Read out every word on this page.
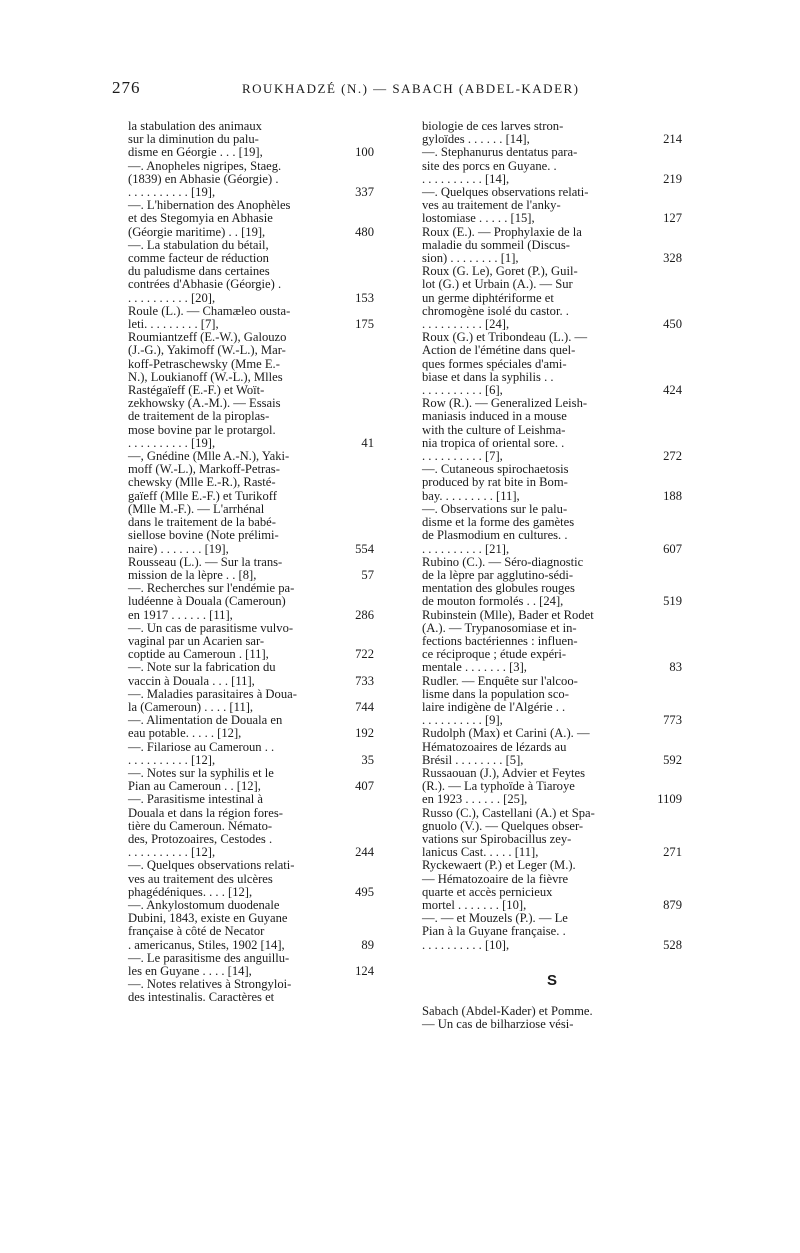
276	ROUKHADZÉ (N.) — SABACH (ABDEL-KADER)
la stabulation des animaux
sur la diminution du palu-
disme en Géorgie . . . [19],	100
—. Anopheles nigripes, Staeg.
(1839) en Abhasie (Géorgie) .
. . . . . . . . . . [19],	337
—. L'hibernation des Anophèles
et des Stegomyia en Abhasie
(Géorgie maritime) . . [19],	480
—. La stabulation du bétail,
comme facteur de réduction
du paludisme dans certaines
contrées d'Abhasie (Géorgie) .
. . . . . . . . . . [20],	153
Roule (L.). — Chamæleo ousta-
leti. . . . . . . . . [7],	175
Roumiantzeff (E.-W.), Galouzo
(J.-G.), Yakimoff (W.-L.), Mar-
koff-Petraschewsky (Mme E.-
N.), Loukianoff (W.-L.), Mlles
Rastégaïeff (E.-F.) et Woït-
zekhowsky (A.-M.). — Essais
de traitement de la piroplas-
mose bovine par le protargol.
. . . . . . . . . . [19],	41
—, Gnédine (Mlle A.-N.), Yaki-
moff (W.-L.), Markoff-Petras-
chewsky (Mlle E.-R.), Rasté-
gaïeff (Mlle E.-F.) et Turikoff
(Mlle M.-F.). — L'arrhénal
dans le traitement de la babé-
siellose bovine (Note prélimi-
naire) . . . . . . . [19],	554
Rousseau (L.). — Sur la trans-
mission de la lèpre . . [8],	57
—. Recherches sur l'endémie pa-
ludéenne à Douala (Cameroun)
en 1917 . . . . . . [11],	286
—. Un cas de parasitisme vulvo-
vaginal par un Acarien sar-
coptide au Cameroun . [11],	722
—. Note sur la fabrication du
vaccin à Douala . . . [11],	733
—. Maladies parasitaires à Doua-
la (Cameroun) . . . . [11],	744
—. Alimentation de Douala en
eau potable. . . . . [12],	192
—. Filariose au Cameroun . .
. . . . . . . . . . [12],	35
—. Notes sur la syphilis et le
Pian au Cameroun . . [12],	407
—. Parasitisme intestinal à
Douala et dans la région fores-
tière du Cameroun. Némato-
des, Protozoaires, Cestodes .
. . . . . . . . . . [12],	244
—. Quelques observations relati-
ves au traitement des ulcères
phagédéniques. . . . [12],	495
—. Ankylostomum duodenale
Dubini, 1843, existe en Guyane
française à côté de Necator
. americanus, Stiles, 1902 [14],	89
—. Le parasitisme des anguillu-
les en Guyane . . . . [14],	124
—. Notes relatives à Strongyloi-
des intestinalis. Caractères et
biologie de ces larves stron-
gyloïdes . . . . . . [14],	214
—. Stephanurus dentatus para-
site des porcs en Guyane. .
. . . . . . . . . . [14],	219
—. Quelques observations relati-
ves au traitement de l'anky-
lostomiase . . . . . [15],	127
Roux (E.). — Prophylaxie de la
maladie du sommeil (Discus-
sion) . . . . . . . . [1],	328
Roux (G. Le), Goret (P.), Guil-
lot (G.) et Urbain (A.). — Sur
un germe diphtériforme et
chromogène isolé du castor. .
. . . . . . . . . . [24],	450
Roux (G.) et Tribondeau (L.). —
Action de l'émétine dans quel-
ques formes spéciales d'ami-
biase et dans la syphilis . .
. . . . . . . . . . [6],	424
Row (R.). — Generalized Leish-
maniasis induced in a mouse
with the culture of Leishma-
nia tropica of oriental sore. .
. . . . . . . . . . [7],	272
—. Cutaneous spirochaetosis
produced by rat bite in Bom-
bay. . . . . . . . . [11],	188
—. Observations sur le palu-
disme et la forme des gamètes
de Plasmodium en cultures. .
. . . . . . . . . . [21],	607
Rubino (C.). — Séro-diagnostic
de la lèpre par agglutino-sédi-
mentation des globules rouges
de mouton formolés . . [24],	519
Rubinstein (Mlle), Bader et Rodet
(A.). — Trypanosomiase et in-
fections bactériennes : influen-
ce réciproque ; étude expéri-
mentale . . . . . . . [3],	83
Rudler. — Enquête sur l'alcoo-
lisme dans la population sco-
laire indigène de l'Algérie . .
. . . . . . . . . . [9],	773
Rudolph (Max) et Carini (A.). —
Hématozoaires de lézards au
Brésil . . . . . . . . [5],	592
Russaouan (J.), Advier et Feytes
(R.). — La typhoïde à Tiaroye
en 1923 . . . . . . [25],	1109
Russo (C.), Castellani (A.) et Spa-
gnuolo (V.). — Quelques obser-
vations sur Spirobacillus zey-
lanicus Cast. . . . . [11],	271
Ryckewaert (P.) et Leger (M.).
— Hématozoaire de la fièvre
quarte et accès pernicieux
mortel . . . . . . . [10],	879
—. — et Mouzels (P.). — Le
Pian à la Guyane française. .
. . . . . . . . . . [10],	528
S
Sabach (Abdel-Kader) et Pomme.
— Un cas de bilharziose vési-
